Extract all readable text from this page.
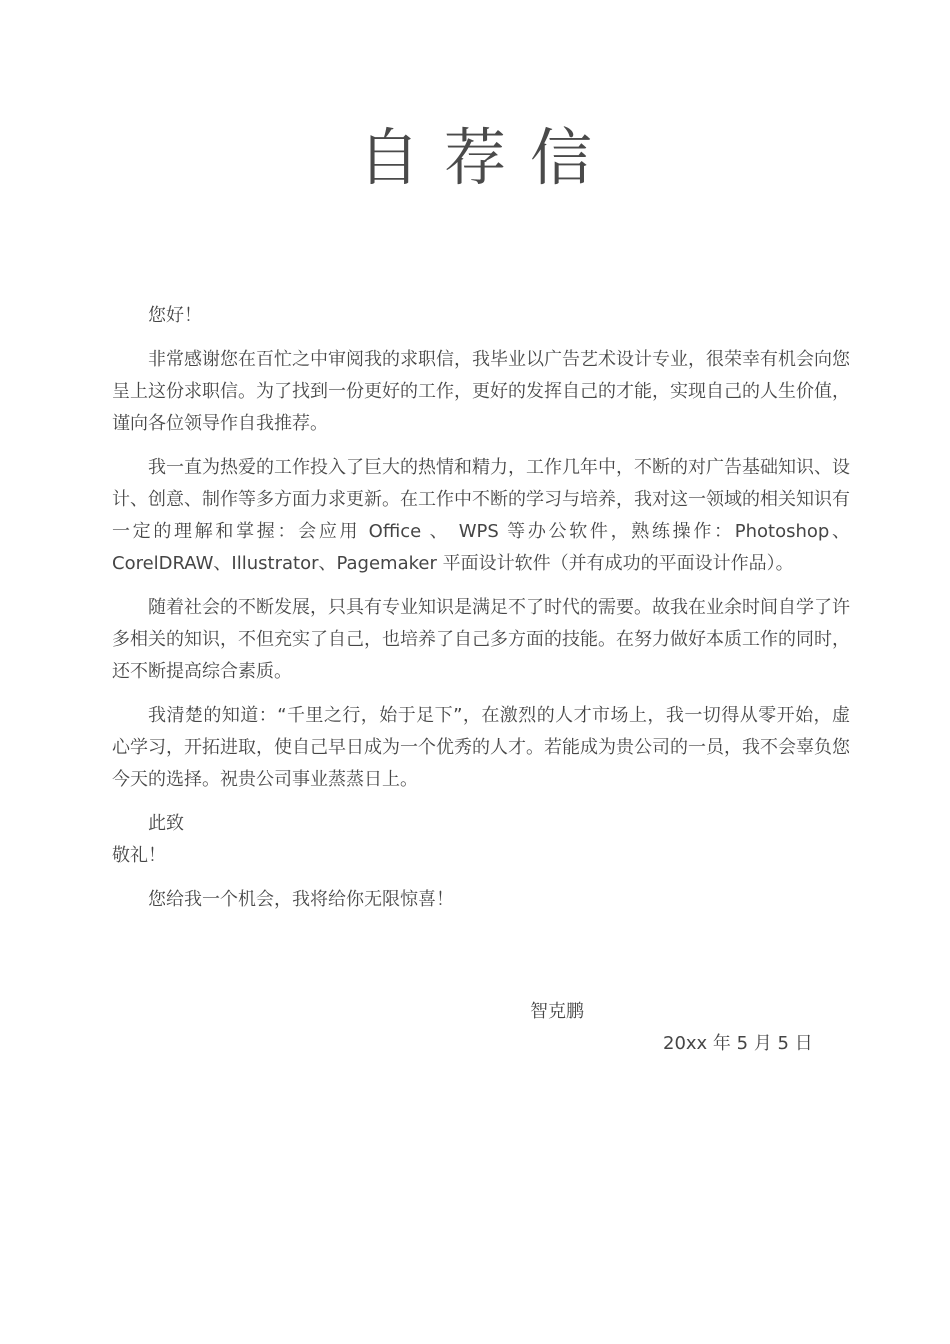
自荐信

您好！

非常感谢您在百忙之中审阅我的求职信，我毕业以广告艺术设计专业，很荣幸有机会向您呈上这份求职信。为了找到一份更好的工作，更好的发挥自己的才能，实现自己的人生价值，谨向各位领导作自我推荐。

我一直为热爱的工作投入了巨大的热情和精力，工作几年中，不断的对广告基础知识、设计、创意、制作等多方面力求更新。在工作中不断的学习与培养，我对这一领域的相关知识有一定的理解和掌握：会应用 Office 、 WPS 等办公软件，熟练操作：Photoshop、CorelDRAW、Illustrator、Pagemaker 平面设计软件（并有成功的平面设计作品）。

随着社会的不断发展，只具有专业知识是满足不了时代的需要。故我在业余时间自学了许多相关的知识，不但充实了自己，也培养了自己多方面的技能。在努力做好本质工作的同时，还不断提高综合素质。

我清楚的知道：“千里之行，始于足下”，在激烈的人才市场上，我一切得从零开始，虚心学习，开拓进取，使自己早日成为一个优秀的人才。若能成为贵公司的一员，我不会辜负您今天的选择。祝贵公司事业蒸蒸日上。

此致

敬礼！

您给我一个机会，我将给你无限惊喜！

智克鹏
20xx 年 5 月 5 日
